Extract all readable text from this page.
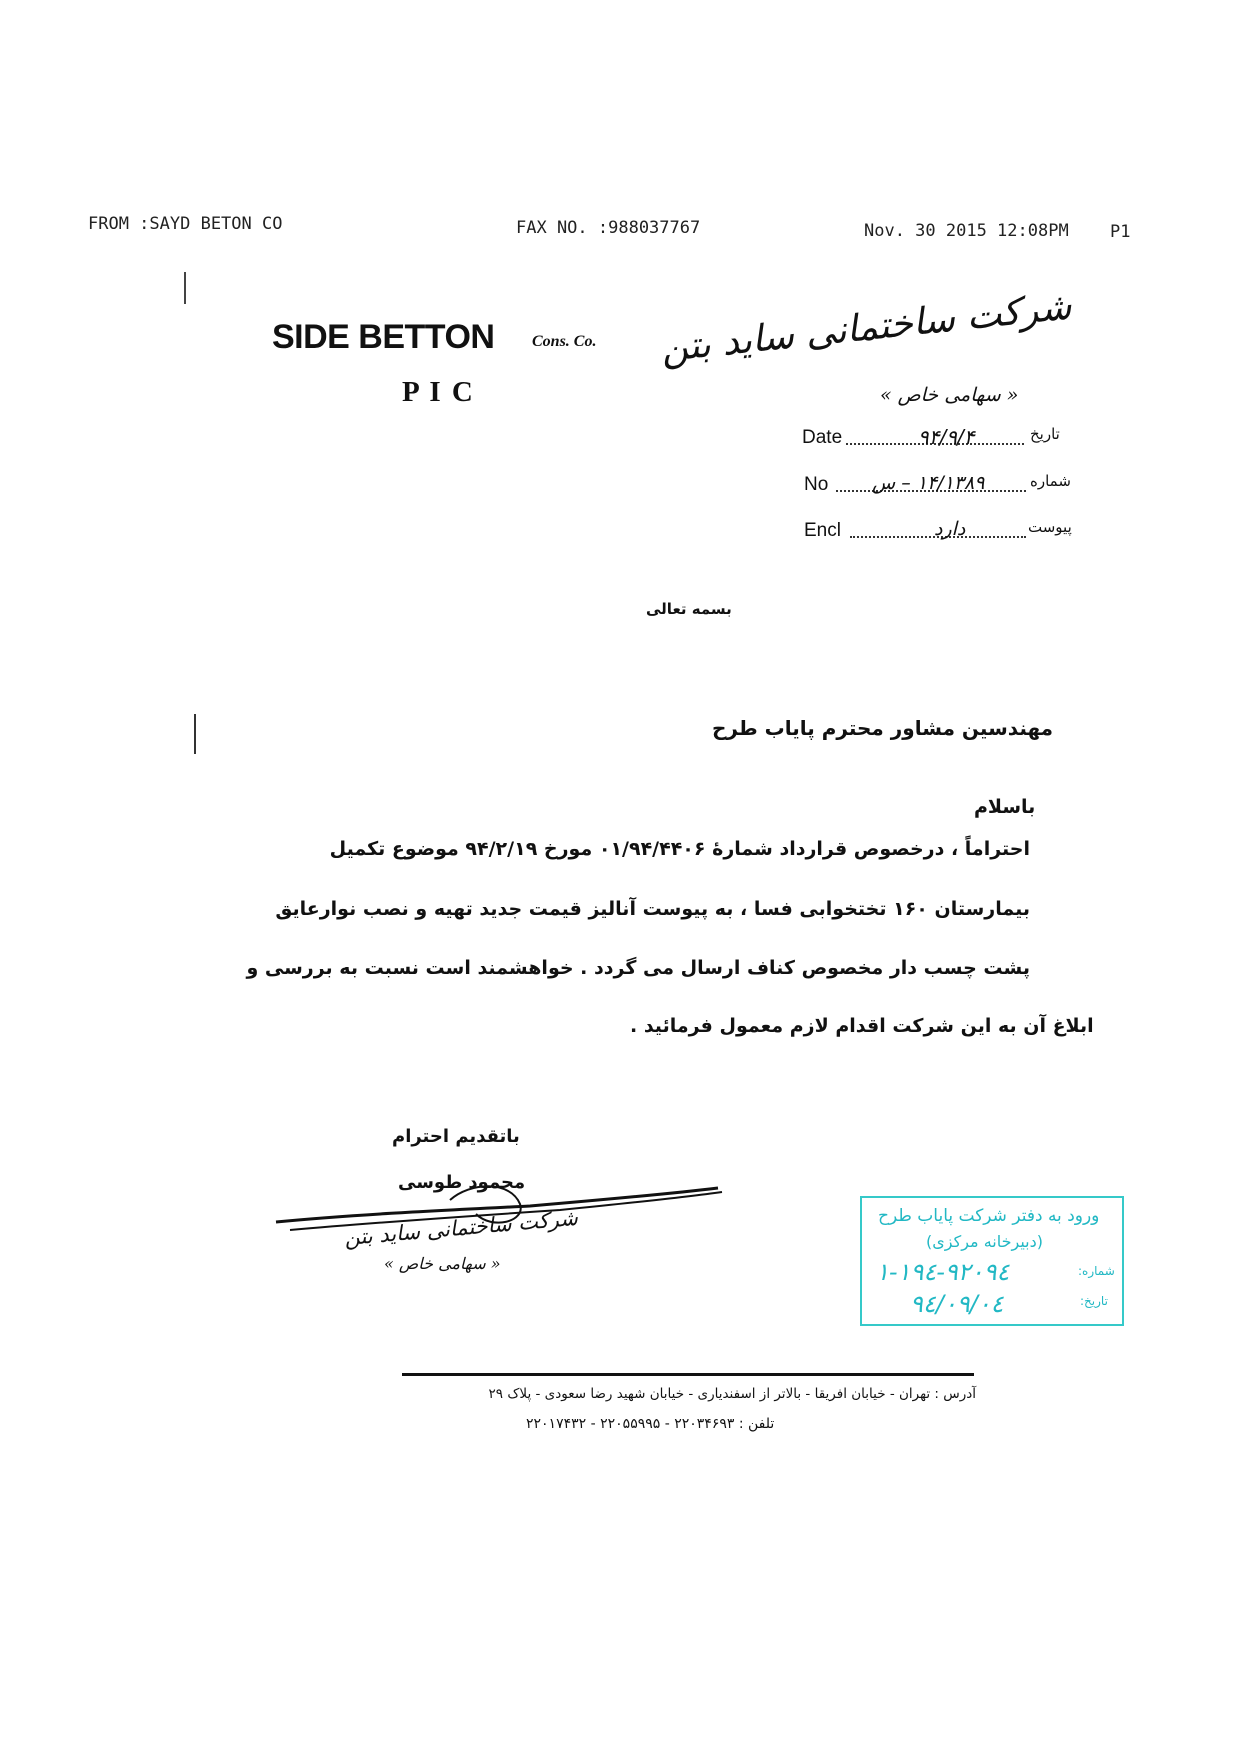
FROM :SAYD BETON CO	FAX NO. :988037767	Nov. 30 2015 12:08PM P1
SIDE BETTON Cons. Co.
P I C
شرکت ساختمانی ساید بتن
« سهامی خاص »
Date	۹۴/۹/۴	تاریخ
No ۱۴/۱۳۸۹ – س	شماره
Encl	دارد	پیوست
بسمه تعالی
مهندسین مشاور محترم پایاب طرح
باسلام
احتراماً ، درخصوص قرارداد شمارهٔ ۰۱/۹۴/۴۴۰۶ مورخ ۹۴/۲/۱۹ موضوع تکمیل
بیمارستان ۱۶۰ تختخوابی فسا ، به پیوست آنالیز قیمت جدید تهیه و نصب نوارعایق
پشت چسب دار مخصوص کناف ارسال می گردد . خواهشمند است نسبت به بررسی و
ابلاغ آن به این شرکت اقدام لازم معمول فرمائید .
باتقدیم احترام
محمود طوسی
شرکت ساختمانی ساید بتن
« سهامی خاص »
ورود به دفتر شرکت پایاب طرح
(دبیرخانه مرکزی)
شماره:
۱-۱۹٤-۹۲۰۹٤
تاریخ:
۹٤/۰۹/۰٤
آدرس : تهران - خیابان افریقا - بالاتر از اسفندیاری - خیابان شهید رضا سعودی - پلاک ۲۹
تلفن : ۲۲۰۳۴۶۹۳ - ۲۲۰۵۵۹۹۵ - ۲۲۰۱۷۴۳۲
